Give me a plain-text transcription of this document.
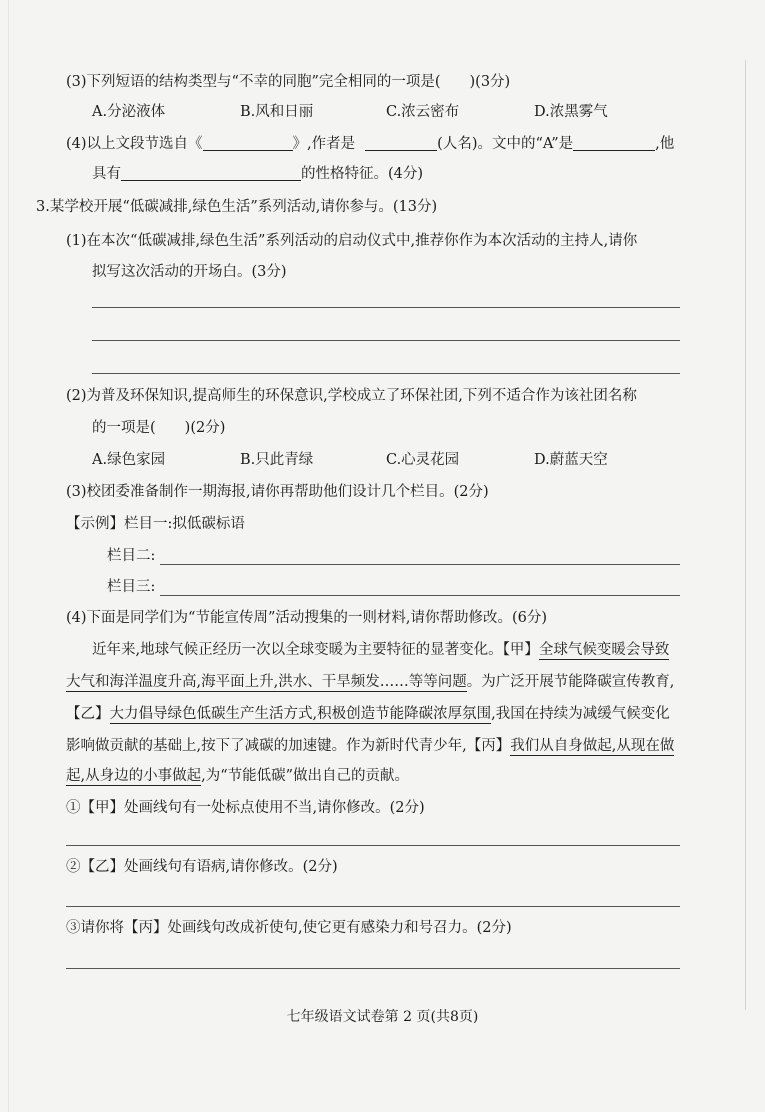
(3)下列短语的结构类型与“不幸的同胞”完全相同的一项是(　　)(3分)
A.分泌液体	B.风和日丽	C.浓云密布	D.浓黑雾气
(4)以上文段节选自《	》,作者是	(人名)。文中的“A”是	,他
具有	的性格特征。(4分)
3.某学校开展“低碳减排,绿色生活”系列活动,请你参与。(13分)
(1)在本次“低碳减排,绿色生活”系列活动的启动仪式中,推荐你作为本次活动的主持人,请你
拟写这次活动的开场白。(3分)
(2)为普及环保知识,提高师生的环保意识,学校成立了环保社团,下列不适合作为该社团名称
的一项是(　　)(2分)
A.绿色家园	B.只此青绿	C.心灵花园	D.蔚蓝天空
(3)校团委准备制作一期海报,请你再帮助他们设计几个栏目。(2分)
【示例】栏目一:拟低碳标语
栏目二:
栏目三:
(4)下面是同学们为“节能宣传周”活动搜集的一则材料,请你帮助修改。(6分)
近年来,地球气候正经历一次以全球变暖为主要特征的显著变化。【甲】全球气候变暖会导致
大气和海洋温度升高,海平面上升,洪水、干旱频发……等等问题。为广泛开展节能降碳宣传教育,
【乙】大力倡导绿色低碳生产生活方式,积极创造节能降碳浓厚氛围,我国在持续为减缓气候变化
影响做贡献的基础上,按下了减碳的加速键。作为新时代青少年,【丙】我们从自身做起,从现在做
起,从身边的小事做起,为“节能低碳”做出自己的贡献。
①【甲】处画线句有一处标点使用不当,请你修改。(2分)
②【乙】处画线句有语病,请你修改。(2分)
③请你将【丙】处画线句改成祈使句,使它更有感染力和号召力。(2分)
七年级语文试卷第 2 页(共8页)
